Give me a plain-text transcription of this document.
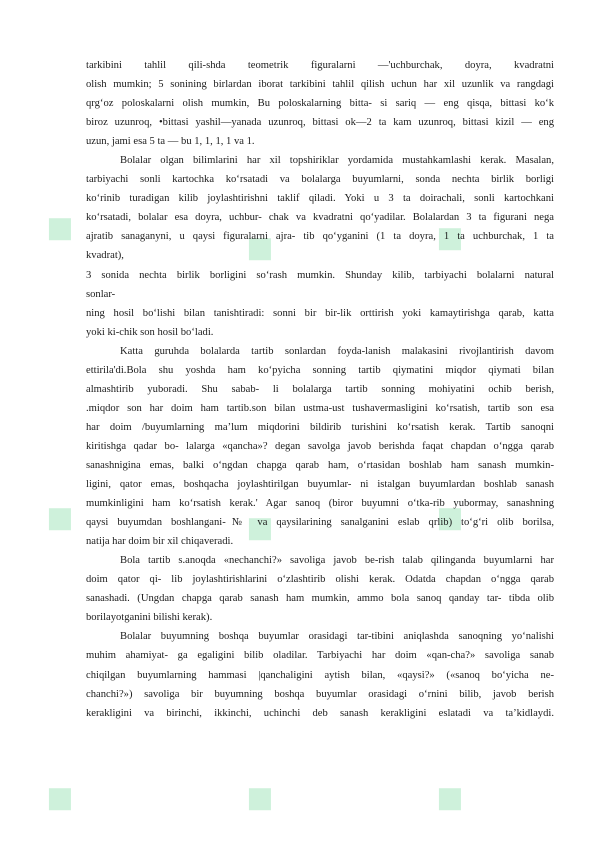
tarkibini tahlil qili-shda teometrik figuralarni —'uchburchak, doyra, kvadratni
olish mumkin; 5 sonining birlardan iborat tarkibini tahlil qilish uchun har xil uzunlik va rangdagi
qrg‘oz poloskalarni olish mumkin, Bu poloskalarning bitta- si sariq — eng qisqa, bittasi ko‘k
biroz uzunroq, •bittasi yashil—yanada uzunroq, bittasi ok—2 ta kam uzunroq, bittasi kizil — eng
uzun, jami esa 5 ta — bu 1, 1, 1, 1 va 1.
Bolalar olgan bilimlarini har xil topshiriklar yordamida mustahkamlashi kerak. Masalan,
tarbiyachi sonli kartochka ko‘rsatadi va bolalarga buyumlarni, sonda nechta birlik borligi
ko‘rinib turadigan kilib joylashtirishni taklif qiladi. Yoki u 3 ta doirachali, sonli kartochkani
ko‘rsatadi, bolalar esa doyra, uchbur- chak va kvadratni qo‘yadilar. Bolalardan 3 ta figurani nega
ajratib sanaganyni, u qaysi figuralarni ajra- tib qo‘yganini (1 ta doyra, 1 ta uchburchak, 1 ta
kvadrat),
3 sonida nechta birlik borligini so‘rash mumkin. Shunday kilib, tarbiyachi bolalarni natural
sonlar-
ning hosil bo‘lishi bilan tanishtiradi: sonni bir bir-lik orttirish yoki kamaytirishga qarab, katta
yoki ki-chik son hosil bo‘ladi.
Katta guruhda bolalarda tartib sonlardan foyda-lanish malakasini rivojlantirish davom
ettirila'di.Bola shu yoshda ham ko‘pyicha sonning tartib qiymatini miqdor qiymati bilan
almashtirib yuboradi. Shu sabab- li bolalarga tartib sonning mohiyatini ochib berish,
.miqdor son har doim ham tartib.son bilan ustma-ust tushavermasligini ko‘rsatish, tartib son esa
har doim /buyumlarning ma’lum miqdorini bildirib turishini ko‘rsatish kerak. Tartib sanoqni
kiritishga qadar bo- lalarga «qancha»? degan savolga javob berishda faqat chapdan o‘ngga qarab
sanashnigina emas, balki o‘ngdan chapga qarab ham, o‘rtasidan boshlab ham sanash mumkin-
ligini, qator emas, boshqacha joylashtirilgan buyumlar- ni istalgan buyumlardan boshlab sanash
mumkinligini ham ko‘rsatish kerak.' Agar sanoq (biror buyumni o‘tka-rib yubormay, sanashning
qaysi buyumdan boshlangani-№ va qaysilarining sanalganini eslab qrlib) to‘g‘ri olib borilsa,
natija har doim bir xil chiqaveradi.
Bola tartib s.anoqda «nechanchi?» savoliga javob be-rish talab qilinganda buyumlarni har
doim qator qi- lib joylashtirishlarini o‘zlashtirib olishi kerak. Odatda chapdan o‘ngga qarab
sanashadi. (Ungdan chapga qarab sanash ham mumkin, ammo bola sanoq qanday tar- tibda olib
borilayotganini bilishi kerak).
Bolalar buyumning boshqa buyumlar orasidagi tar-tibini aniqlashda sanoqning yo‘nalishi
muhim ahamiyat- ga egaligini bilib oladilar. Tarbiyachi har doim «qan-cha?» savoliga sanab
chiqilgan buyumlarning hammasi |qanchaligini aytish bilan, «qaysi?» («sanoq bo‘yicha ne-
chanchi?») savoliga bir buyumning boshqa buyumlar orasidagi o‘rnini bilib, javob berish
kerakligini va birinchi, ikkinchi, uchinchi deb sanash kerakligini eslatadi va ta’kidlaydi.
